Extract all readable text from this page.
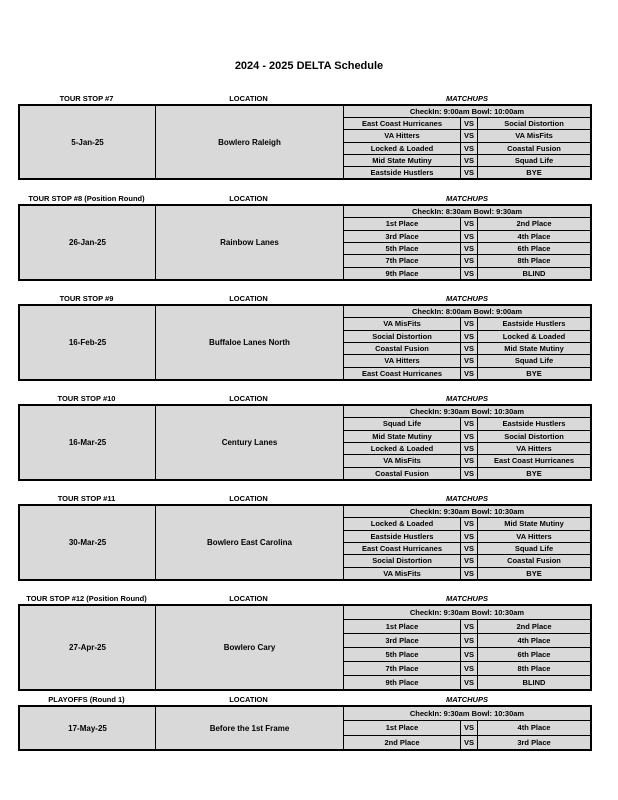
2024 - 2025 DELTA Schedule
TOUR STOP #7	LOCATION	MATCHUPS
5-Jan-25	Bowlero Raleigh
CheckIn: 9:00am Bowl: 10:00am
East Coast Hurricanes	VS	Social Distortion
VA Hitters	VS	VA MisFits
Locked & Loaded	VS	Coastal Fusion
Mid State Mutiny	VS	Squad Life
Eastside Hustlers	VS	BYE
TOUR STOP #8 (Position Round)	LOCATION	MATCHUPS
26-Jan-25	Rainbow Lanes
CheckIn: 8:30am Bowl: 9:30am
1st Place	VS	2nd Place
3rd Place	VS	4th Place
5th Place	VS	6th Place
7th Place	VS	8th Place
9th Place	VS	BLIND
TOUR STOP #9	LOCATION	MATCHUPS
16-Feb-25	Buffaloe Lanes North
CheckIn: 8:00am Bowl: 9:00am
VA MisFits	VS	Eastside Hustlers
Social Distortion	VS	Locked & Loaded
Coastal Fusion	VS	Mid State Mutiny
VA Hitters	VS	Squad Life
East Coast Hurricanes	VS	BYE
TOUR STOP #10	LOCATION	MATCHUPS
16-Mar-25	Century Lanes
CheckIn: 9:30am Bowl: 10:30am
Squad Life	VS	Eastside Hustlers
Mid State Mutiny	VS	Social Distortion
Locked & Loaded	VS	VA Hitters
VA MisFits	VS	East Coast Hurricanes
Coastal Fusion	VS	BYE
TOUR STOP #11	LOCATION	MATCHUPS
30-Mar-25	Bowlero East Carolina
CheckIn: 9:30am Bowl: 10:30am
Locked & Loaded	VS	Mid State Mutiny
Eastside Hustlers	VS	VA Hitters
East Coast Hurricanes	VS	Squad Life
Social Distortion	VS	Coastal Fusion
VA MisFits	VS	BYE
TOUR STOP #12 (Position Round)	LOCATION	MATCHUPS
27-Apr-25	Bowlero Cary
CheckIn: 9:30am Bowl: 10:30am
1st Place	VS	2nd Place
3rd Place	VS	4th Place
5th Place	VS	6th Place
7th Place	VS	8th Place
9th Place	VS	BLIND
PLAYOFFS (Round 1)	LOCATION	MATCHUPS
17-May-25	Before the 1st Frame
CheckIn: 9:30am Bowl: 10:30am
1st Place	VS	4th Place
2nd Place	VS	3rd Place
